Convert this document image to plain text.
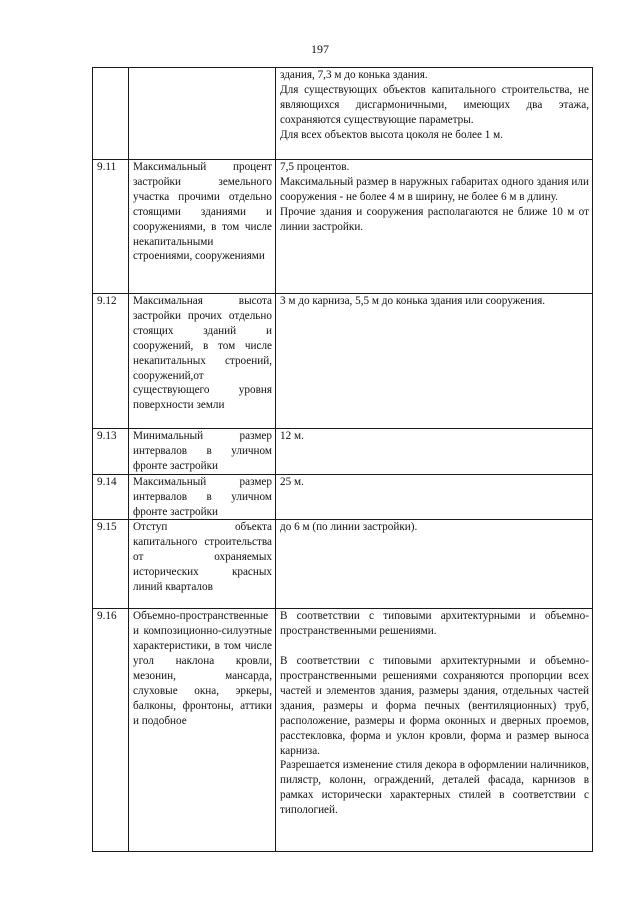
197

		здания, 7,3 м до конька здания.

Для существующих объектов капитального строительства, не являющихся дисгармоничными, имеющих два этажа, сохраняются существующие параметры.

Для всех объектов высота цоколя не более 1 м.

9.11	Максимальный процент застройки земельного участка прочими отдельно стоящими зданиями и сооружениями, в том числе некапитальными строениями, сооружениями	7,5 процентов.

Максимальный размер в наружных габаритах одного здания или сооружения - не более 4 м в ширину, не более 6 м в длину.

Прочие здания и сооружения располагаются не ближе 10 м от линии застройки.

9.12	Максимальная высота застройки прочих отдельно стоящих зданий и сооружений, в том числе некапитальных строений, сооружений,от существующего уровня поверхности земли	3 м до карниза, 5,5 м до конька здания или сооружения.

9.13	Минимальный размер интервалов в уличном фронте застройки	12 м.

9.14	Максимальный размер интервалов в уличном фронте застройки	25 м.

9.15	Отступ объекта капитального строительства от охраняемых исторических красных линий кварталов	до 6 м (по линии застройки).

9.16	Объемно-пространственные и композиционно-силуэтные характеристики, в том числе угол наклона кровли, мезонин, мансарда, слуховые окна, эркеры, балконы, фронтоны, аттики и подобное	В соответствии с типовыми архитектурными и объемно-пространственными решениями.

В соответствии с типовыми архитектурными и объемно-пространственными решениями сохраняются пропорции всех частей и элементов здания, размеры здания, отдельных частей здания, размеры и форма печных (вентиляционных) труб, расположение, размеры и форма оконных и дверных проемов, расстекловка, форма и уклон кровли, форма и размер выноса карниза.

Разрешается изменение стиля декора в оформлении наличников, пилястр, колонн, ограждений, деталей фасада, карнизов в рамках исторически характерных стилей в соответствии с типологией.
